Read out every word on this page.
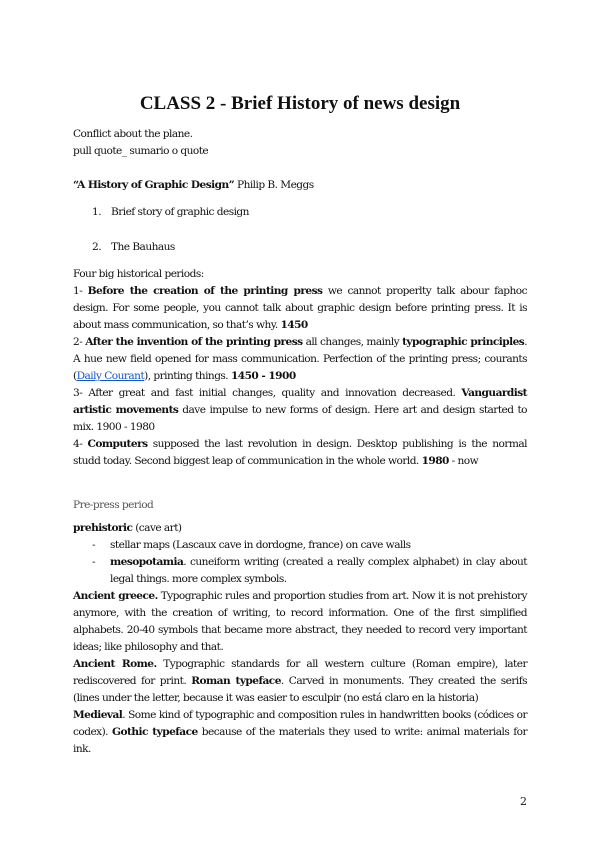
CLASS 2 - Brief History of news design

Conflict about the plane.

pull quote_ sumario o quote

“A History of Graphic Design” Philip B. Meggs

1. Brief story of graphic design
2. The Bauhaus

Four big historical periods:

1- Before the creation of the printing press we cannot properlty talk abour faphoc design. For some people, you cannot talk about graphic design before printing press. It is about mass communication, so that’s why. 1450

2- After the invention of the printing press all changes, mainly typographic principles. A hue new field opened for mass communication. Perfection of the printing press; courants (Daily Courant), printing things. 1450 - 1900

3- After great and fast initial changes, quality and innovation decreased. Vanguardist artistic movements dave impulse to new forms of design. Here art and design started to mix. 1900 - 1980

4- Computers supposed the last revolution in design. Desktop publishing is the normal studd today. Second biggest leap of communication in the whole world. 1980 - now

Pre-press period

prehistoric (cave art)

- stellar maps (Lascaux cave in dordogne, france) on cave walls
- mesopotamia. cuneiform writing (created a really complex alphabet) in clay about legal things. more complex symbols.

Ancient greece. Typographic rules and proportion studies from art. Now it is not prehistory anymore, with the creation of writing, to record information. One of the first simplified alphabets. 20-40 symbols that became more abstract, they needed to record very important ideas; like philosophy and that.

Ancient Rome. Typographic standards for all western culture (Roman empire), later rediscovered for print. Roman typeface. Carved in monuments. They created the serifs (lines under the letter, because it was easier to esculpir (no está claro en la historia)

Medieval. Some kind of typographic and composition rules in handwritten books (códices or codex). Gothic typeface because of the materials they used to write: animal materials for ink.

2
